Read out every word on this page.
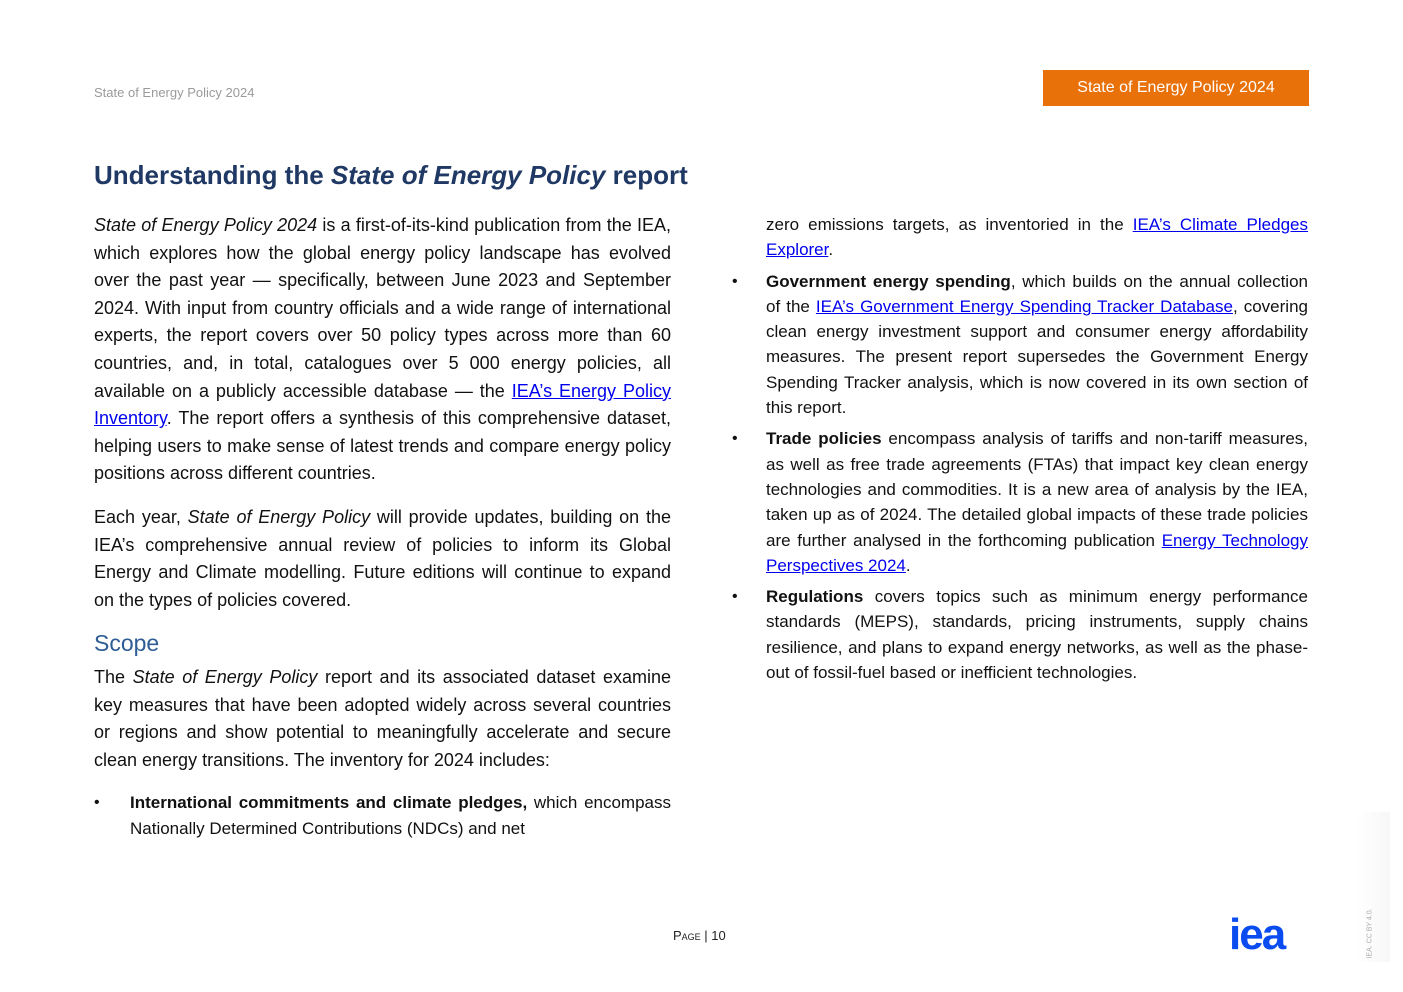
State of Energy Policy 2024	State of Energy Policy 2024
Understanding the State of Energy Policy report

State of Energy Policy 2024 is a first-of-its-kind publication from the IEA, which explores how the global energy policy landscape has evolved over the past year — specifically, between June 2023 and September 2024. With input from country officials and a wide range of international experts, the report covers over 50 policy types across more than 60 countries, and, in total, catalogues over 5 000 energy policies, all available on a publicly accessible database — the IEA’s Energy Policy Inventory. The report offers a synthesis of this comprehensive dataset, helping users to make sense of latest trends and compare energy policy positions across different countries.

Each year, State of Energy Policy will provide updates, building on the IEA’s comprehensive annual review of policies to inform its Global Energy and Climate modelling. Future editions will continue to expand on the types of policies covered.

Scope

The State of Energy Policy report and its associated dataset examine key measures that have been adopted widely across several countries or regions and show potential to meaningfully accelerate and secure clean energy transitions. The inventory for 2024 includes:

• International commitments and climate pledges, which encompass Nationally Determined Contributions (NDCs) and net

zero emissions targets, as inventoried in the IEA’s Climate Pledges Explorer.

• Government energy spending, which builds on the annual collection of the IEA’s Government Energy Spending Tracker Database, covering clean energy investment support and consumer energy affordability measures. The present report supersedes the Government Energy Spending Tracker analysis, which is now covered in its own section of this report.
• Trade policies encompass analysis of tariffs and non-tariff measures, as well as free trade agreements (FTAs) that impact key clean energy technologies and commodities. It is a new area of analysis by the IEA, taken up as of 2024. The detailed global impacts of these trade policies are further analysed in the forthcoming publication Energy Technology Perspectives 2024.
• Regulations covers topics such as minimum energy performance standards (MEPS), standards, pricing instruments, supply chains resilience, and plans to expand energy networks, as well as the phase-out of fossil-fuel based or inefficient technologies.
Page | 10	iea	IEA. CC BY 4.0.
